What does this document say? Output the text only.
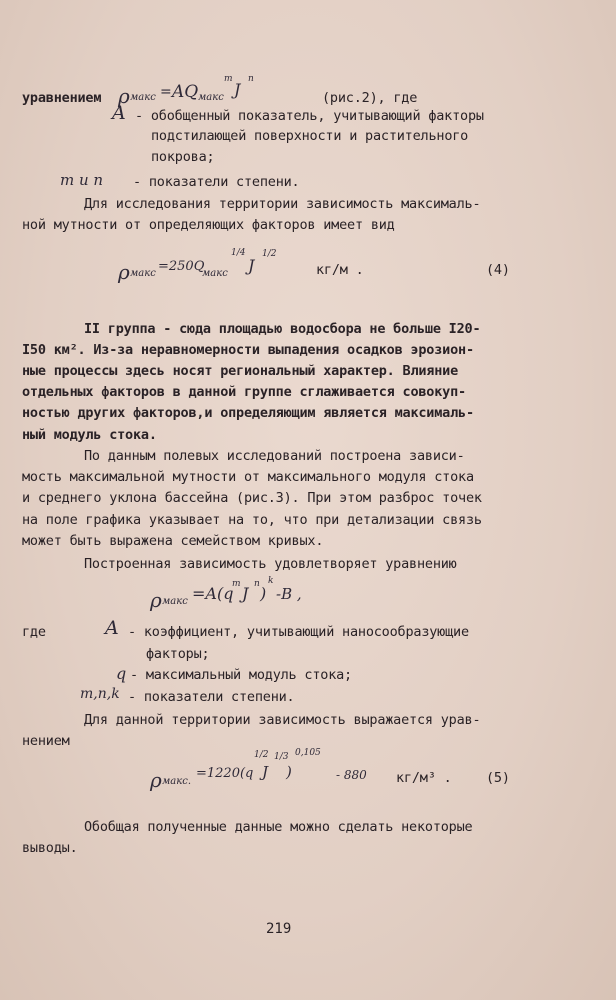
уравнением ρ макс = AQ макс
m
J
n
(рис.2), где
A - обобщенный показатель, учитывающий факторы
подстилающей поверхности и растительного
покрова;
m и n - показатели степени.
Для исследования территории зависимость максималь-
ной мутности от определяющих факторов имеет вид
ρ макс =250Q
макс
1/4
J
1/2
кг/м .	(4)
II группа - сюда площадью водосбора не больше I20-
I50 км². Из-за неравномерности выпадения осадков эрозион-
ные процессы здесь носят региональный характер. Влияние
отдельных факторов в данной группе сглаживается совокуп-
ностью других факторов,и определяющим является максималь-
ный модуль стока.
По данным полевых исследований построена зависи-
мость максимальной мутности от максимального модуля стока
и среднего уклона бассейна (рис.3). При этом разброс точек
на поле графика указывает на то, что при детализации связь
может быть выражена семейством кривых.
Построенная зависимость удовлетворяет уравнению
ρ макс =A(q
m J n )
k
-B ,
где	A - коэффициент, учитывающий наносообразующие
факторы;
q - максимальный модуль стока;
m,n,k - показатели степени.
Для данной территории зависимость выражается урав-
нением
ρ макс.
=1220(q
1/2
J
1/3
)
0,105
- 880 кг/м³ .	(5)
Обобщая полученные данные можно сделать некоторые
выводы.
219
